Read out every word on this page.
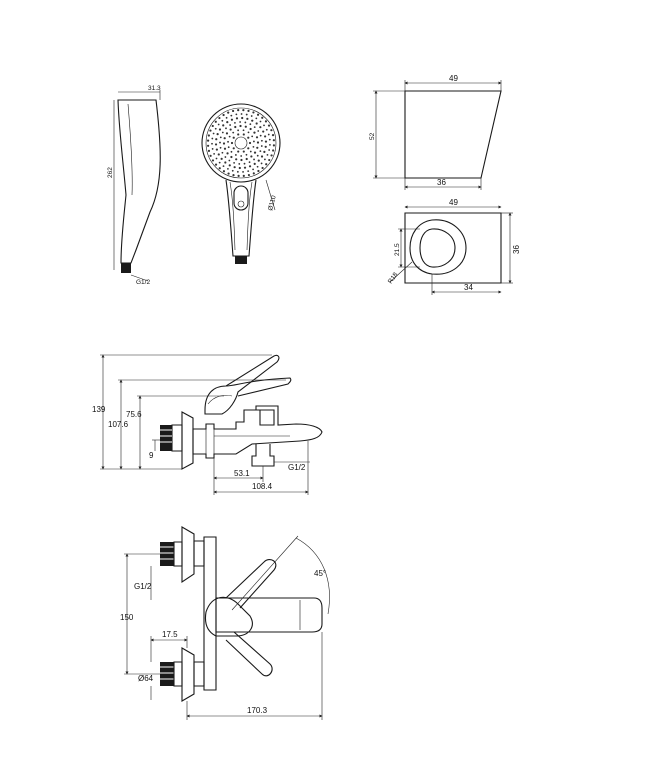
31.3
262
G1/2
Ø110
49
52
36
49
36
21.5
34
R18
139
107.6
75.6
9
53.1
108.4
G1/2
45°
150
G1/2
17.5
Ø64
170.3
